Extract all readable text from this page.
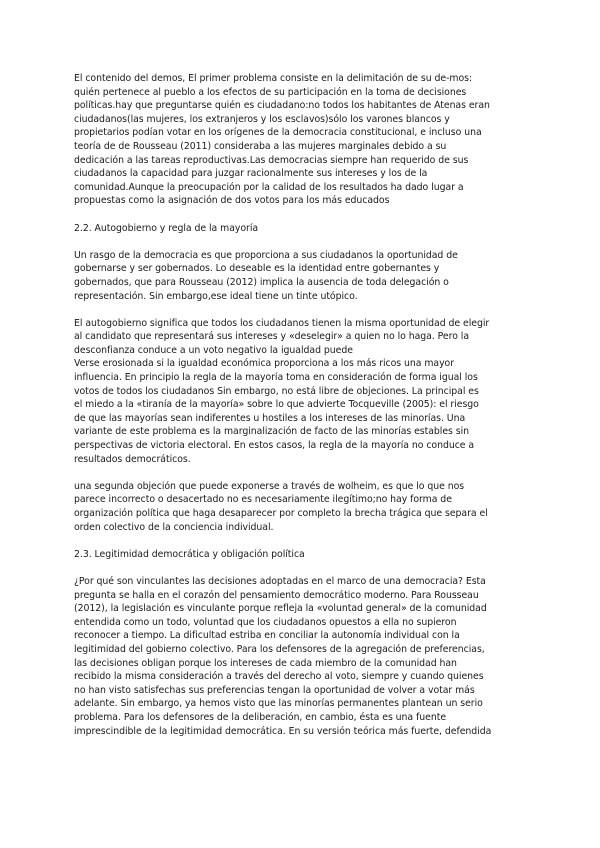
El contenido del demos, El primer problema consiste en la delimitación de su de-mos:
quién pertenece al pueblo a los efectos de su participación en la toma de decisiones
políticas.hay que preguntarse quién es ciudadano:no todos los habitantes de Atenas eran
ciudadanos(las mujeres, los extranjeros y los esclavos)sólo los varones blancos y
propietarios podían votar en los orígenes de la democracia constitucional, e incluso una
teoría de de Rousseau (2011) consideraba a las mujeres marginales debido a su
dedicación a las tareas reproductivas.Las democracias siempre han requerido de sus
ciudadanos la capacidad para juzgar racionalmente sus intereses y los de la
comunidad.Aunque la preocupación por la calidad de los resultados ha dado lugar a
propuestas como la asignación de dos votos para los más educados
2.2. Autogobierno y regla de la mayoría
Un rasgo de la democracia es que proporciona a sus ciudadanos la oportunidad de
gobernarse y ser gobernados. Lo deseable es la identidad entre gobernantes y
gobernados, que para Rousseau (2012) implica la ausencia de toda delegación o
representación. Sin embargo,ese ideal tiene un tinte utópico.
El autogobierno significa que todos los ciudadanos tienen la misma oportunidad de elegir
al candidato que representará sus intereses y «deselegir» a quien no lo haga. Pero la
desconfianza conduce a un voto negativo la igualdad puede
Verse erosionada si la igualdad económica proporciona a los más ricos una mayor
influencia. En principio la regla de la mayoría toma en consideración de forma igual los
votos de todos los ciudadanos Sin embargo, no está libre de objeciones. La principal es
el miedo a la «tiranía de la mayoría» sobre lo que advierte Tocqueville (2005): el riesgo
de que las mayorías sean indiferentes u hostiles a los intereses de las minorías. Una
variante de este problema es la marginalización de facto de las minorías estables sin
perspectivas de victoria electoral. En estos casos, la regla de la mayoría no conduce a
resultados democráticos.
una segunda objeción que puede exponerse a través de wolheim, es que lo que nos
parece incorrecto o desacertado no es necesariamente ilegítimo;no hay forma de
organización política que haga desaparecer por completo la brecha trágica que separa el
orden colectivo de la conciencia individual.
2.3. Legitimidad democrática y obligación política
¿Por qué son vinculantes las decisiones adoptadas en el marco de una democracia? Esta
pregunta se halla en el corazón del pensamiento democrático moderno. Para Rousseau
(2012), la legislación es vinculante porque refleja la «voluntad general» de la comunidad
entendida como un todo, voluntad que los ciudadanos opuestos a ella no supieron
reconocer a tiempo. La dificultad estriba en conciliar la autonomía individual con la
legitimidad del gobierno colectivo. Para los defensores de la agregación de preferencias,
las decisiones obligan porque los intereses de cada miembro de la comunidad han
recibido la misma consideración a través del derecho al voto, siempre y cuando quienes
no han visto satisfechas sus preferencias tengan la oportunidad de volver a votar más
adelante. Sin embargo, ya hemos visto que las minorías permanentes plantean un serio
problema. Para los defensores de la deliberación, en cambio, ésta es una fuente
imprescindible de la legitimidad democrática. En su versión teórica más fuerte, defendida
